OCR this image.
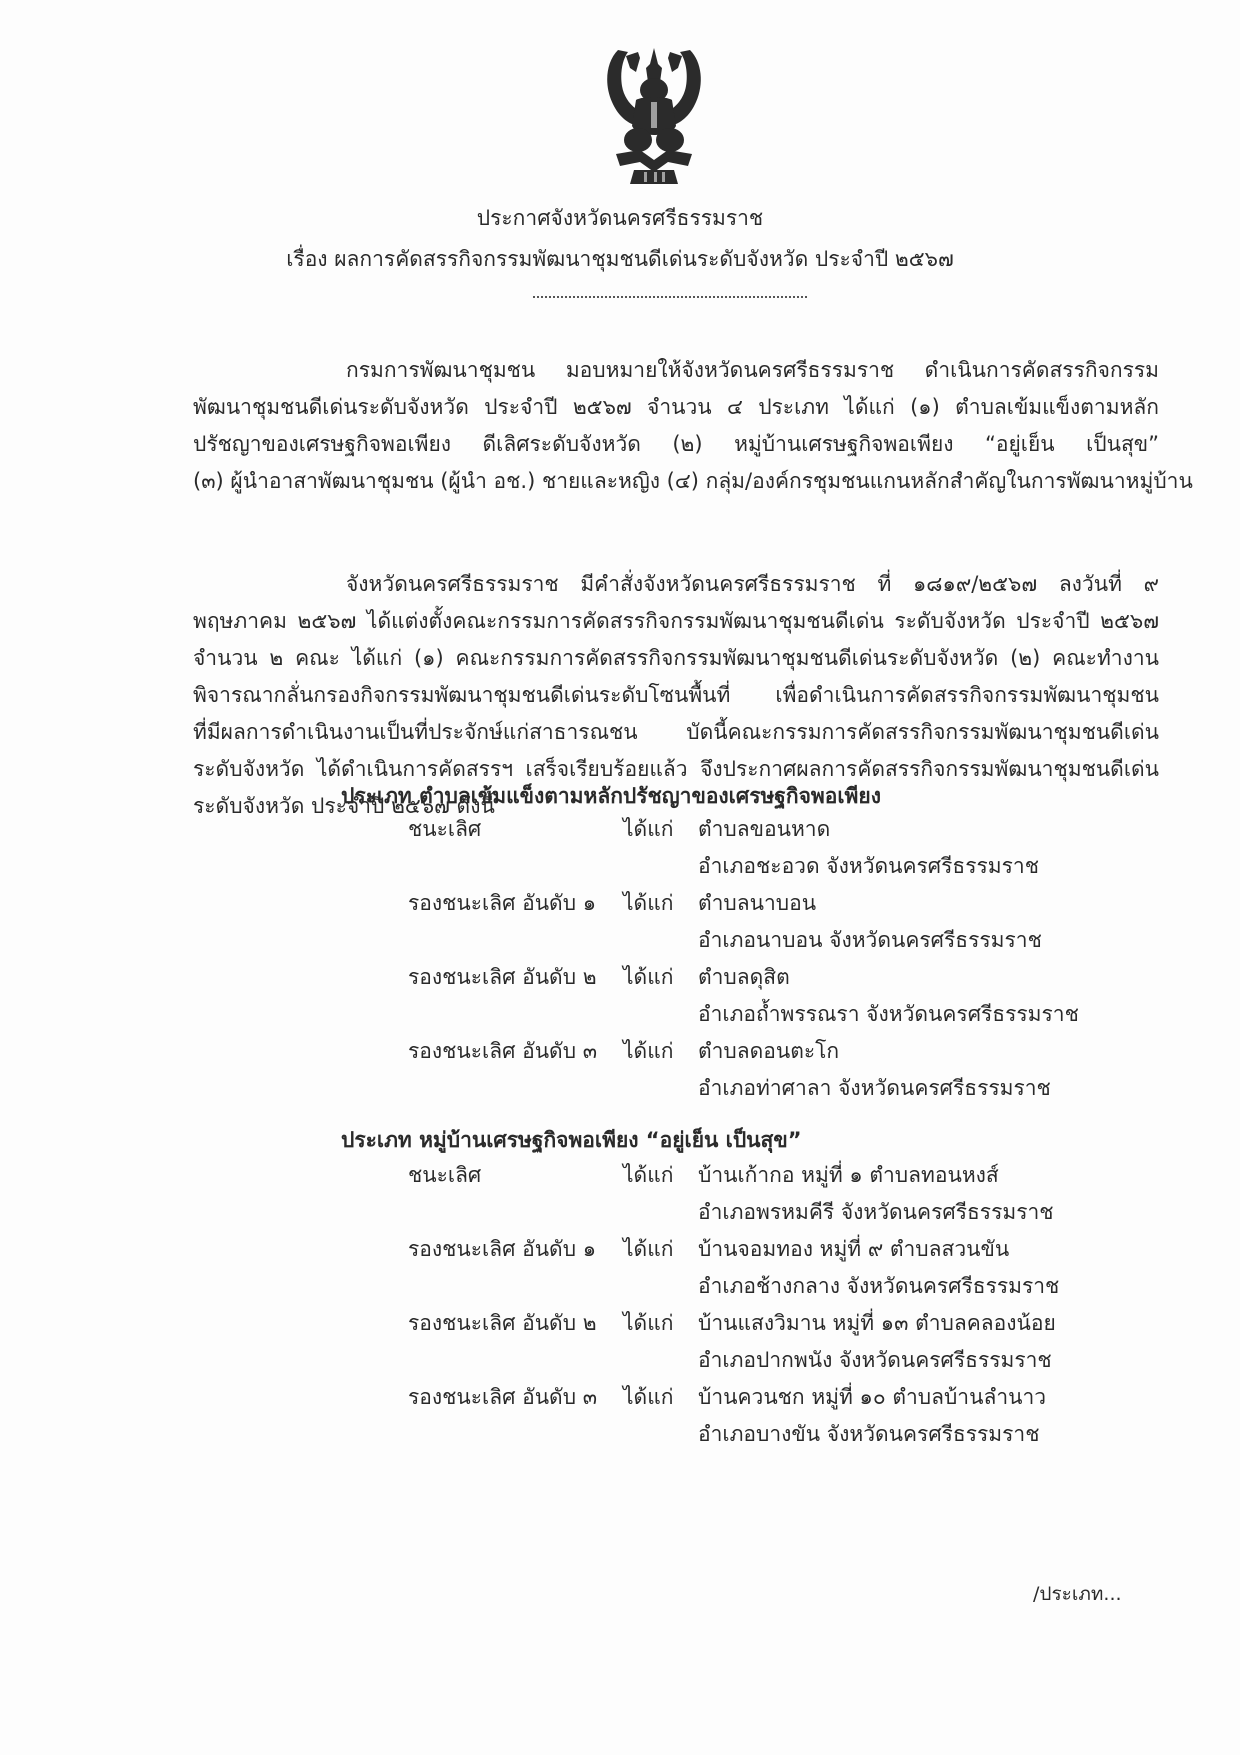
ประกาศจังหวัดนครศรีธรรมราช
เรื่อง ผลการคัดสรรกิจกรรมพัฒนาชุมชนดีเด่นระดับจังหวัด ประจำปี ๒๕๖๗
กรมการพัฒนาชุมชน มอบหมายให้จังหวัดนครศรีธรรมราช ดำเนินการคัดสรรกิจกรรม
พัฒนาชุมชนดีเด่นระดับจังหวัด ประจำปี ๒๕๖๗ จำนวน ๔ ประเภท ได้แก่ (๑) ตำบลเข้มแข็งตามหลัก
ปรัชญาของเศรษฐกิจพอเพียง ดีเลิศระดับจังหวัด (๒) หมู่บ้านเศรษฐกิจพอเพียง “อยู่เย็น เป็นสุข”
(๓) ผู้นำอาสาพัฒนาชุมชน (ผู้นำ อช.) ชายและหญิง (๔) กลุ่ม/องค์กรชุมชนแกนหลักสำคัญในการพัฒนาหมู่บ้าน
จังหวัดนครศรีธรรมราช มีคำสั่งจังหวัดนครศรีธรรมราช ที่ ๑๘๑๙/๒๕๖๗ ลงวันที่ ๙
พฤษภาคม ๒๕๖๗ ได้แต่งตั้งคณะกรรมการคัดสรรกิจกรรมพัฒนาชุมชนดีเด่น ระดับจังหวัด ประจำปี ๒๕๖๗
จำนวน ๒ คณะ ได้แก่ (๑) คณะกรรมการคัดสรรกิจกรรมพัฒนาชุมชนดีเด่นระดับจังหวัด (๒) คณะทำงาน
พิจารณากลั่นกรองกิจกรรมพัฒนาชุมชนดีเด่นระดับโซนพื้นที่ เพื่อดำเนินการคัดสรรกิจกรรมพัฒนาชุมชน
ที่มีผลการดำเนินงานเป็นที่ประจักษ์แก่สาธารณชน บัดนี้คณะกรรมการคัดสรรกิจกรรมพัฒนาชุมชนดีเด่น
ระดับจังหวัด ได้ดำเนินการคัดสรรฯ เสร็จเรียบร้อยแล้ว จึงประกาศผลการคัดสรรกิจกรรมพัฒนาชุมชนดีเด่น
ระดับจังหวัด ประจำปี ๒๕๖๗ ดังนี้
ประเภท ตำบลเข้มแข็งตามหลักปรัชญาของเศรษฐกิจพอเพียง
ชนะเลิศ	ได้แก่ ตำบลขอนหาด
อำเภอชะอวด จังหวัดนครศรีธรรมราช
รองชนะเลิศ อันดับ ๑ ได้แก่ ตำบลนาบอน
อำเภอนาบอน จังหวัดนครศรีธรรมราช
รองชนะเลิศ อันดับ ๒ ได้แก่ ตำบลดุสิต
อำเภอถ้ำพรรณรา จังหวัดนครศรีธรรมราช
รองชนะเลิศ อันดับ ๓ ได้แก่ ตำบลดอนตะโก
อำเภอท่าศาลา จังหวัดนครศรีธรรมราช
ประเภท หมู่บ้านเศรษฐกิจพอเพียง “อยู่เย็น เป็นสุข”
ชนะเลิศ	ได้แก่ บ้านเก้ากอ หมู่ที่ ๑ ตำบลทอนหงส์
อำเภอพรหมคีรี จังหวัดนครศรีธรรมราช
รองชนะเลิศ อันดับ ๑ ได้แก่ บ้านจอมทอง หมู่ที่ ๙ ตำบลสวนขัน
อำเภอช้างกลาง จังหวัดนครศรีธรรมราช
รองชนะเลิศ อันดับ ๒ ได้แก่ บ้านแสงวิมาน หมู่ที่ ๑๓ ตำบลคลองน้อย
อำเภอปากพนัง จังหวัดนครศรีธรรมราช
รองชนะเลิศ อันดับ ๓ ได้แก่ บ้านควนชก หมู่ที่ ๑๐ ตำบลบ้านลำนาว
อำเภอบางขัน จังหวัดนครศรีธรรมราช
/ประเภท...
